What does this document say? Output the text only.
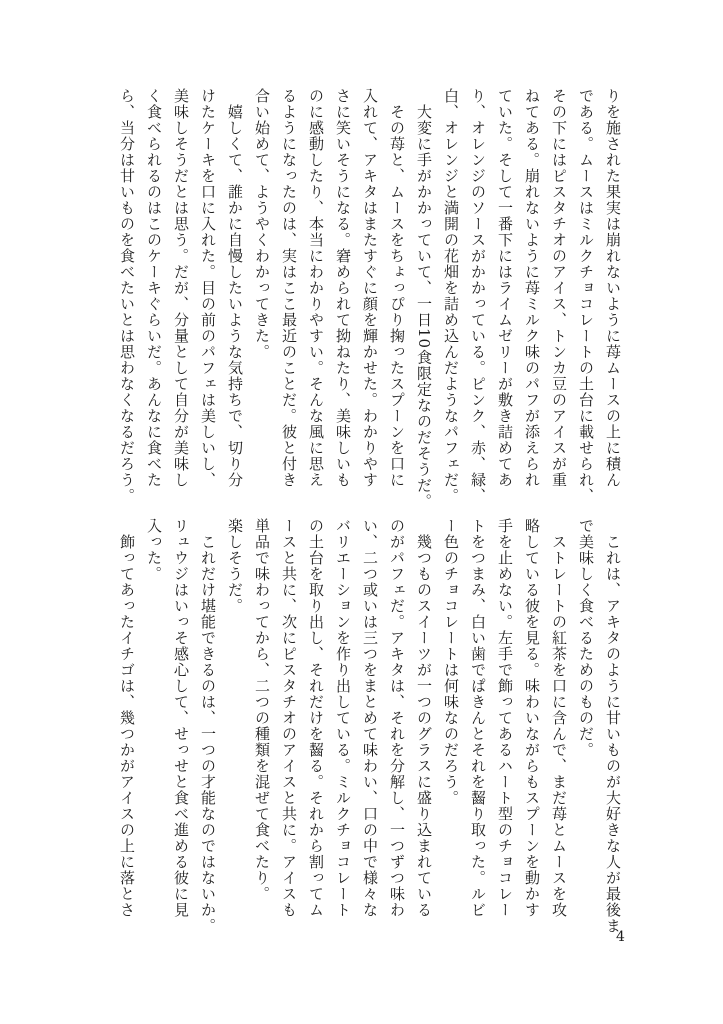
りを施された果実は崩れないように苺ムースの上に積ん

である。ムースはミルクチョコレートの土台に載せられ、

その下にはピスタチオのアイス、トンカ豆のアイスが重

ねてある。崩れないように苺ミルク味のパフが添えられ

ていた。そして一番下にはライムゼリーが敷き詰めてあ

り、オレンジのソースがかかっている。ピンク、赤、緑、

白、オレンジと満開の花畑を詰め込んだようなパフェだ。

　大変に手がかかっていて、一日10食限定なのだそうだ。

　その苺と、ムースをちょっぴり掬ったスプーンを口に

入れて、アキタはまたすぐに顔を輝かせた。わかりやす

さに笑いそうになる。窘められて拗ねたり、美味しいも

のに感動したり、本当にわかりやすい。そんな風に思え

るようになったのは、実はここ最近のことだ。彼と付き

合い始めて、ようやくわかってきた。

　嬉しくて、誰かに自慢したいような気持ちで、切り分

けたケーキを口に入れた。目の前のパフェは美しいし、

美味しそうだとは思う。だが、分量として自分が美味し

く食べられるのはこのケーキぐらいだ。あんなに食べた

ら、当分は甘いものを食べたいとは思わなくなるだろう。

　これは、アキタのように甘いものが大好きな人が最後ま

で美味しく食べるためのものだ。

　ストレートの紅茶を口に含んで、まだ苺とムースを攻

略している彼を見る。味わいながらもスプーンを動かす

手を止めない。左手で飾ってあるハート型のチョコレー

トをつまみ、白い歯でぱきんとそれを齧り取った。ルビ

ー色のチョコレートは何味なのだろう。

　幾つものスイーツが一つのグラスに盛り込まれている

のがパフェだ。アキタは、それを分解し、一つずつ味わ

い、二つ或いは三つをまとめて味わい、口の中で様々な

バリエーションを作り出している。ミルクチョコレート

の土台を取り出し、それだけを齧る。それから割ってム

ースと共に、次にピスタチオのアイスと共に。アイスも

単品で味わってから、二つの種類を混ぜて食べたり。

楽しそうだ。

　これだけ堪能できるのは、一つの才能なのではないか。

リュウジはいっそ感心して、せっせと食べ進める彼に見

入った。

　飾ってあったイチゴは、幾つかがアイスの上に落とさ

4
